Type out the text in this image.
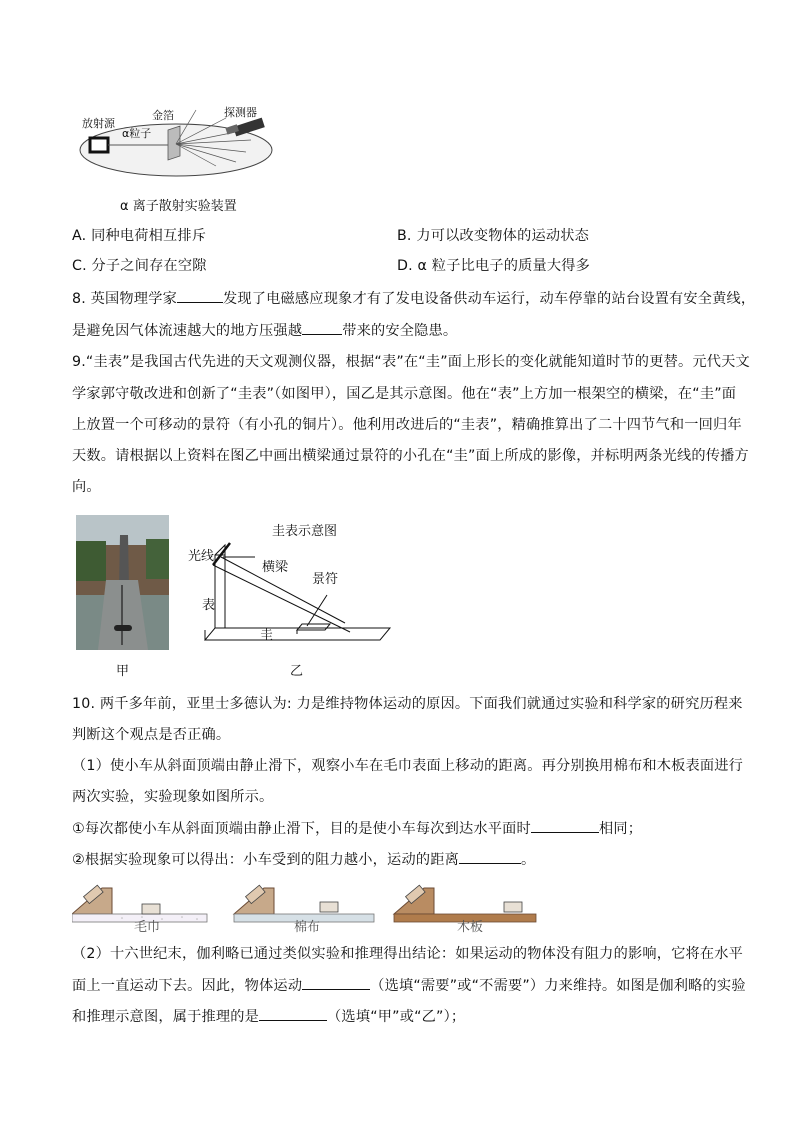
放射源
α粒子
金箔	探测器
α 离子散射实验装置
A. 同种电荷相互排斥	B. 力可以改变物体的运动状态
C. 分子之间存在空隙	D. α 粒子比电子的质量大得多
8. 英国物理学家	发现了电磁感应现象才有了发电设备供动车运行，动车停靠的站台设置有安全黄线，
是避免因气体流速越大的地方压强越	带来的安全隐患。
9.“圭表”是我国古代先进的天文观测仪器，根据“表”在“圭”面上形长的变化就能知道时节的更替。元代天文
学家郭守敬改进和创新了“圭表”（如图甲），国乙是其示意图。他在“表”上方加一根架空的横梁，在“圭”面
上放置一个可移动的景符（有小孔的铜片）。他利用改进后的“圭表”，精确推算出了二十四节气和一回归年
天数。请根据以上资料在图乙中画出横梁通过景符的小孔在“圭”面上所成的影像，并标明两条光线的传播方
向。
甲
圭表示意图
光线
横梁
景符
表
圭
乙
10. 两千多年前，亚里士多德认为: 力是维持物体运动的原因。下面我们就通过实验和科学家的研究历程来
判断这个观点是否正确。
（1）使小车从斜面顶端由静止滑下，观察小车在毛巾表面上移动的距离。再分别换用棉布和木板表面进行
两次实验，实验现象如图所示。
①每次都使小车从斜面顶端由静止滑下，目的是使小车每次到达水平面时	相同；
②根据实验现象可以得出：小车受到的阻力越小，运动的距离	。
毛巾	棉布	木板
（2）十六世纪末，伽利略已通过类似实验和推理得出结论：如果运动的物体没有阻力的影响，它将在水平
面上一直运动下去。因此，物体运动	（选填“需要”或“不需要”）力来维持。如图是伽利略的实验
和推理示意图，属于推理的是	（选填“甲”或“乙”）；
